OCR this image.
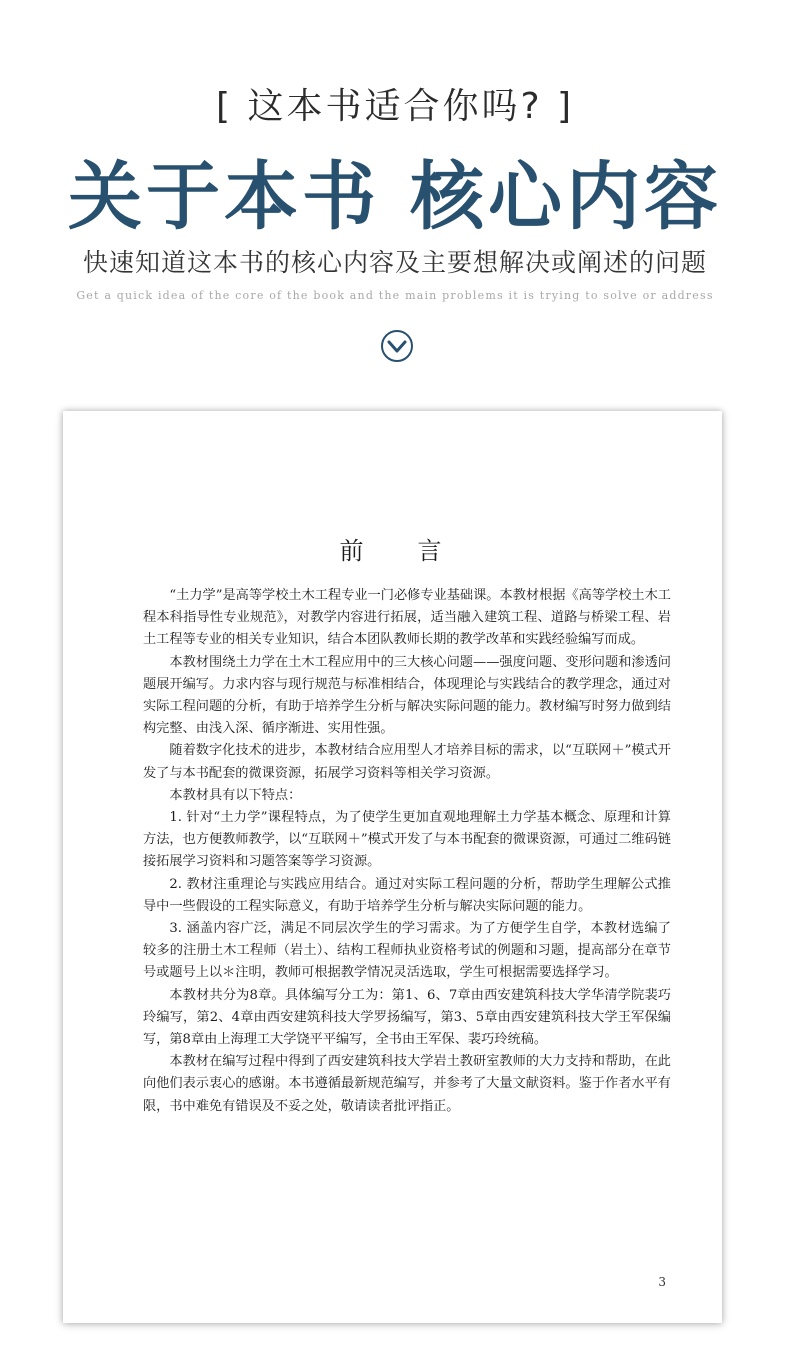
[ 这本书适合你吗? ]
关于本书 核心内容
快速知道这本书的核心内容及主要想解决或阐述的问题
Get a quick idea of the core of the book and the main problems it is trying to solve or address
前 言

“土力学”是高等学校土木工程专业一门必修专业基础课。本教材根据《高等学校土木工程本科指导性专业规范》，对教学内容进行拓展，适当融入建筑工程、道路与桥梁工程、岩土工程等专业的相关专业知识，结合本团队教师长期的教学改革和实践经验编写而成。

本教材围绕土力学在土木工程应用中的三大核心问题——强度问题、变形问题和渗透问题展开编写。力求内容与现行规范与标准相结合，体现理论与实践结合的教学理念，通过对实际工程问题的分析，有助于培养学生分析与解决实际问题的能力。教材编写时努力做到结构完整、由浅入深、循序渐进、实用性强。

随着数字化技术的进步，本教材结合应用型人才培养目标的需求，以“互联网＋”模式开发了与本书配套的微课资源，拓展学习资料等相关学习资源。

本教材具有以下特点：

1. 针对“土力学”课程特点，为了使学生更加直观地理解土力学基本概念、原理和计算方法，也方便教师教学，以“互联网＋”模式开发了与本书配套的微课资源，可通过二维码链接拓展学习资料和习题答案等学习资源。

2. 教材注重理论与实践应用结合。通过对实际工程问题的分析，帮助学生理解公式推导中一些假设的工程实际意义，有助于培养学生分析与解决实际问题的能力。

3. 涵盖内容广泛，满足不同层次学生的学习需求。为了方便学生自学，本教材选编了较多的注册土木工程师（岩土）、结构工程师执业资格考试的例题和习题，提高部分在章节号或题号上以＊注明，教师可根据教学情况灵活选取，学生可根据需要选择学习。

本教材共分为8章。具体编写分工为：第1、6、7章由西安建筑科技大学华清学院裴巧玲编写，第2、4章由西安建筑科技大学罗扬编写，第3、5章由西安建筑科技大学王军保编写，第8章由上海理工大学饶平平编写，全书由王军保、裴巧玲统稿。

本教材在编写过程中得到了西安建筑科技大学岩土教研室教师的大力支持和帮助，在此向他们表示衷心的感谢。本书遵循最新规范编写，并参考了大量文献资料。鉴于作者水平有限，书中难免有错误及不妥之处，敬请读者批评指正。

3
